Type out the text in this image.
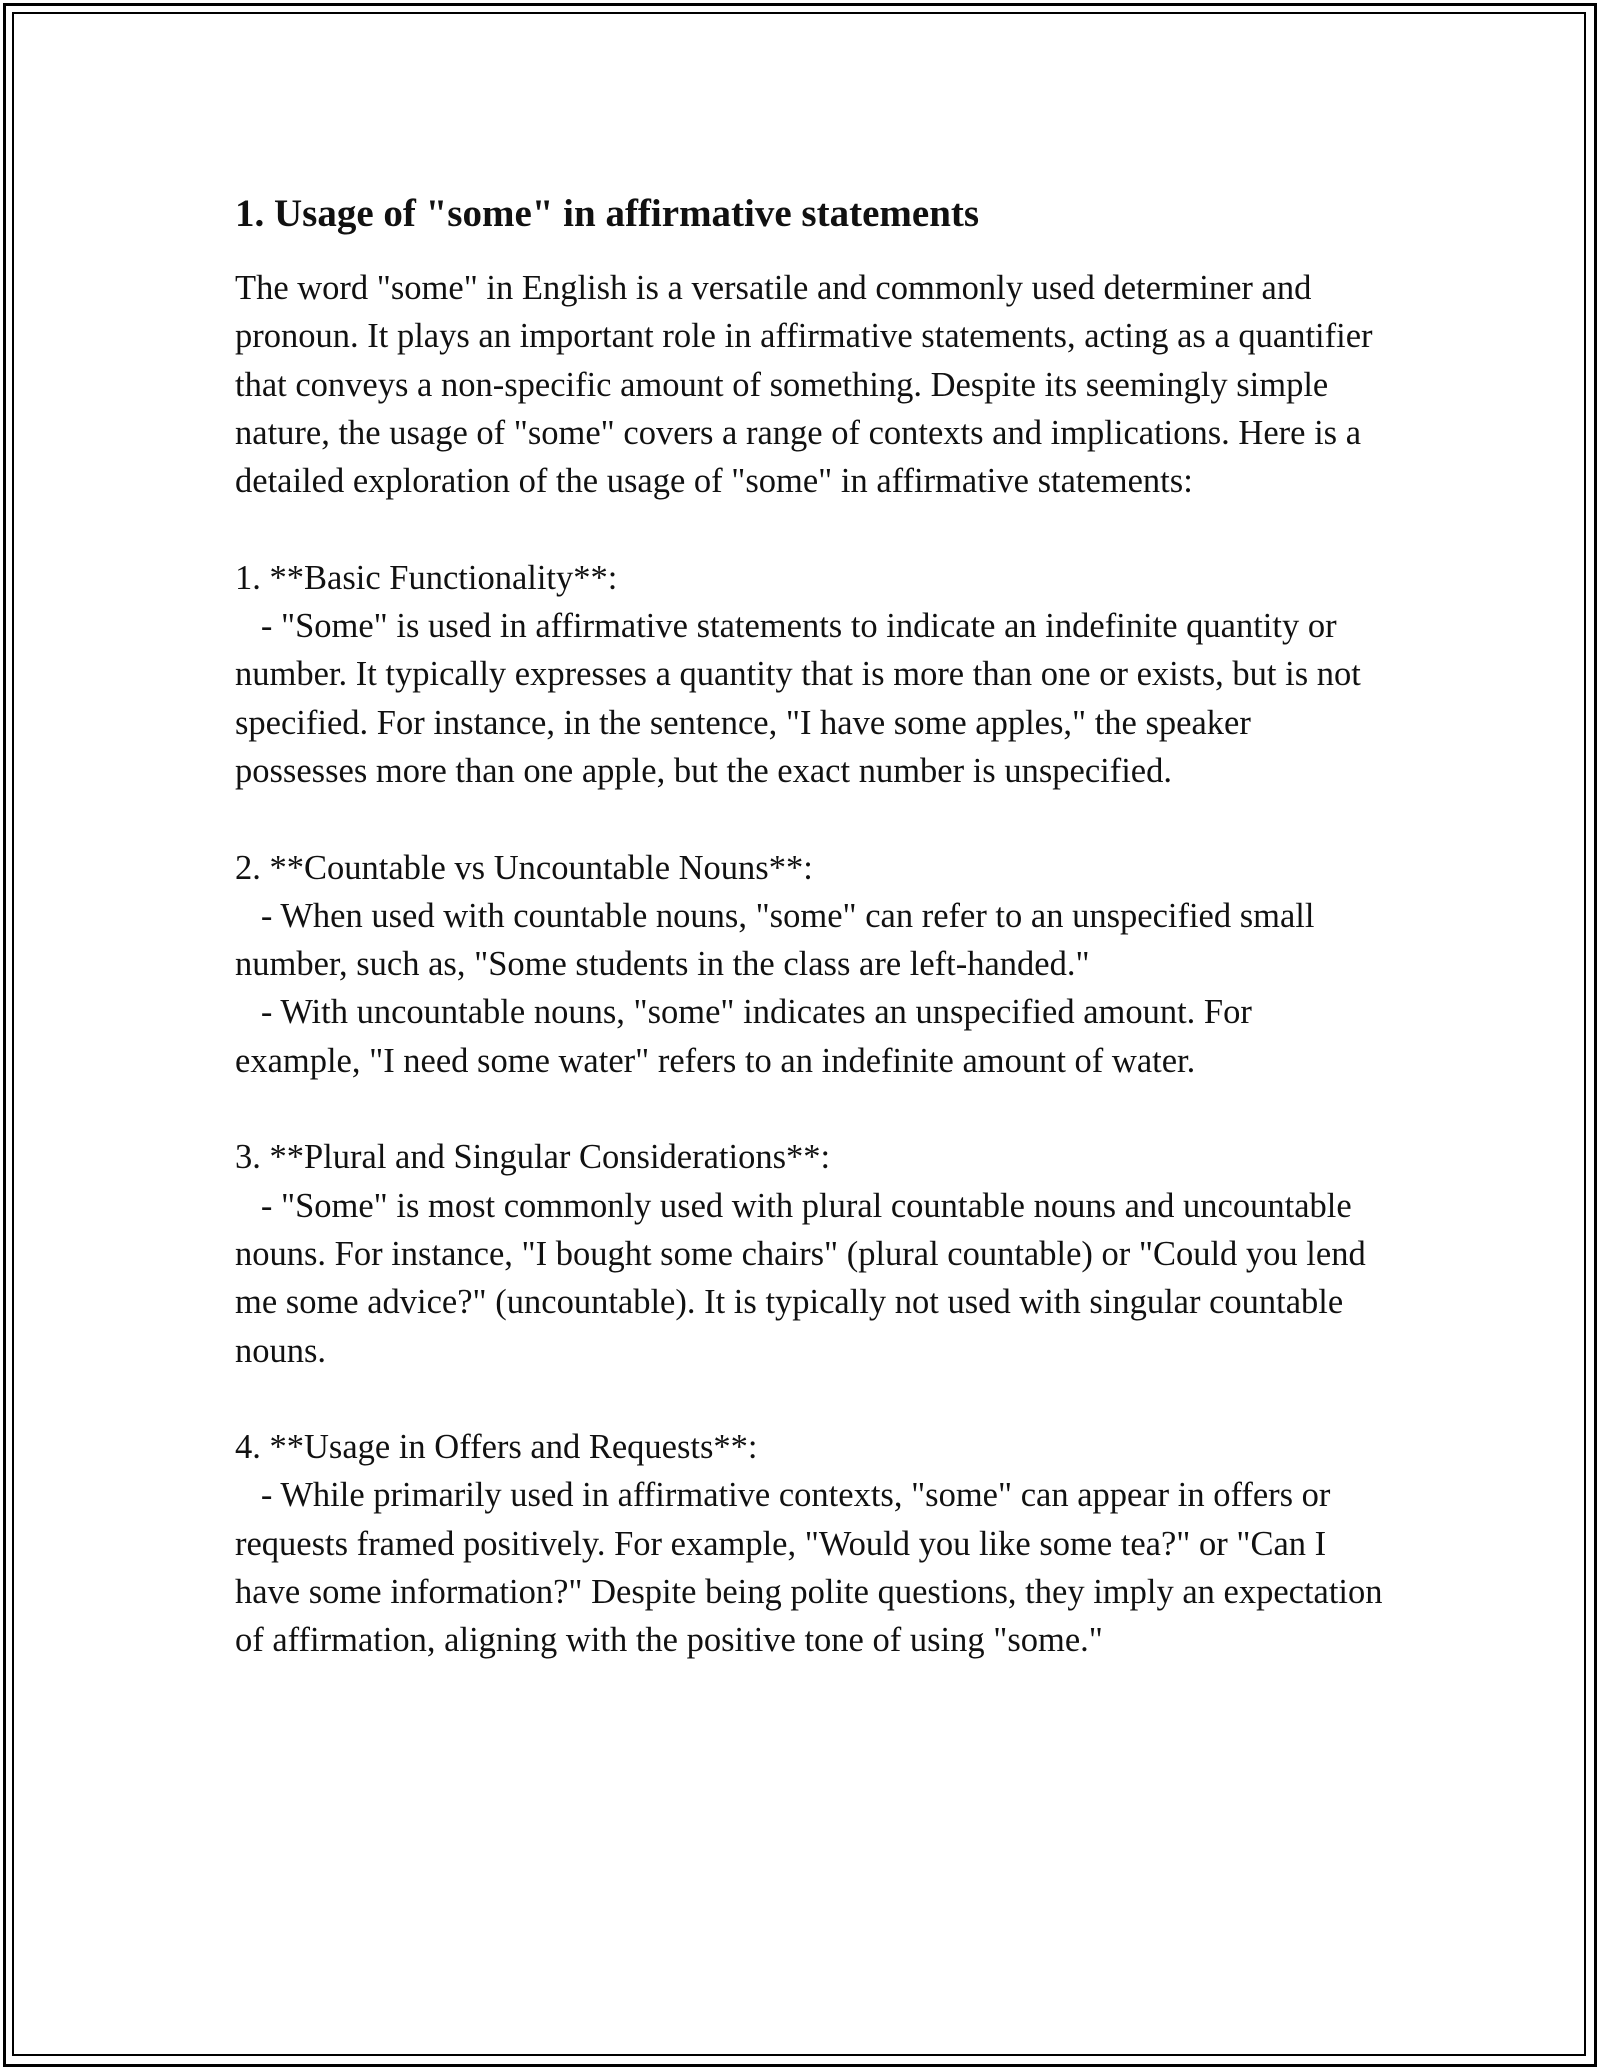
1. Usage of "some" in affirmative statements

The word "some" in English is a versatile and commonly used determiner and pronoun. It plays an important role in affirmative statements, acting as a quantifier that conveys a non-specific amount of something. Despite its seemingly simple nature, the usage of "some" covers a range of contexts and implications. Here is a detailed exploration of the usage of "some" in affirmative statements:

1. **Basic Functionality**:
- "Some" is used in affirmative statements to indicate an indefinite quantity or number. It typically expresses a quantity that is more than one or exists, but is not specified. For instance, in the sentence, "I have some apples," the speaker possesses more than one apple, but the exact number is unspecified.

2. **Countable vs Uncountable Nouns**:
- When used with countable nouns, "some" can refer to an unspecified small number, such as, "Some students in the class are left-handed."
- With uncountable nouns, "some" indicates an unspecified amount. For example, "I need some water" refers to an indefinite amount of water.

3. **Plural and Singular Considerations**:
- "Some" is most commonly used with plural countable nouns and uncountable nouns. For instance, "I bought some chairs" (plural countable) or "Could you lend me some advice?" (uncountable). It is typically not used with singular countable nouns.

4. **Usage in Offers and Requests**:
- While primarily used in affirmative contexts, "some" can appear in offers or requests framed positively. For example, "Would you like some tea?" or "Can I have some information?" Despite being polite questions, they imply an expectation of affirmation, aligning with the positive tone of using "some."
